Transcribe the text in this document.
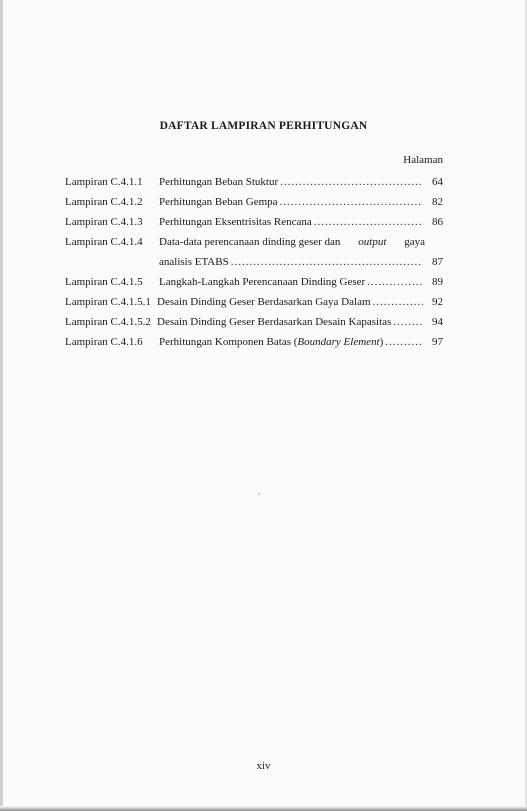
DAFTAR LAMPIRAN PERHITUNGAN
Halaman
Lampiran C.4.1.1 Perhitungan Beban Stuktur .....	64
Lampiran C.4.1.2 Perhitungan Beban Gempa .....	82
Lampiran C.4.1.3 Perhitungan Eksentrisitas Rencana .....	86
Lampiran C.4.1.4 Data-data perencanaan dinding geser dan output gaya
analisis ETABS .....	87
Lampiran C.4.1.5 Langkah-Langkah Perencanaan Dinding Geser .....	89
Lampiran C.4.1.5.1 Desain Dinding Geser Berdasarkan Gaya Dalam .....	92
Lampiran C.4.1.5.2 Desain Dinding Geser Berdasarkan Desain Kapasitas .....	94
Lampiran C.4.1.6 Perhitungan Komponen Batas (Boundary Element) .....	97
xiv
